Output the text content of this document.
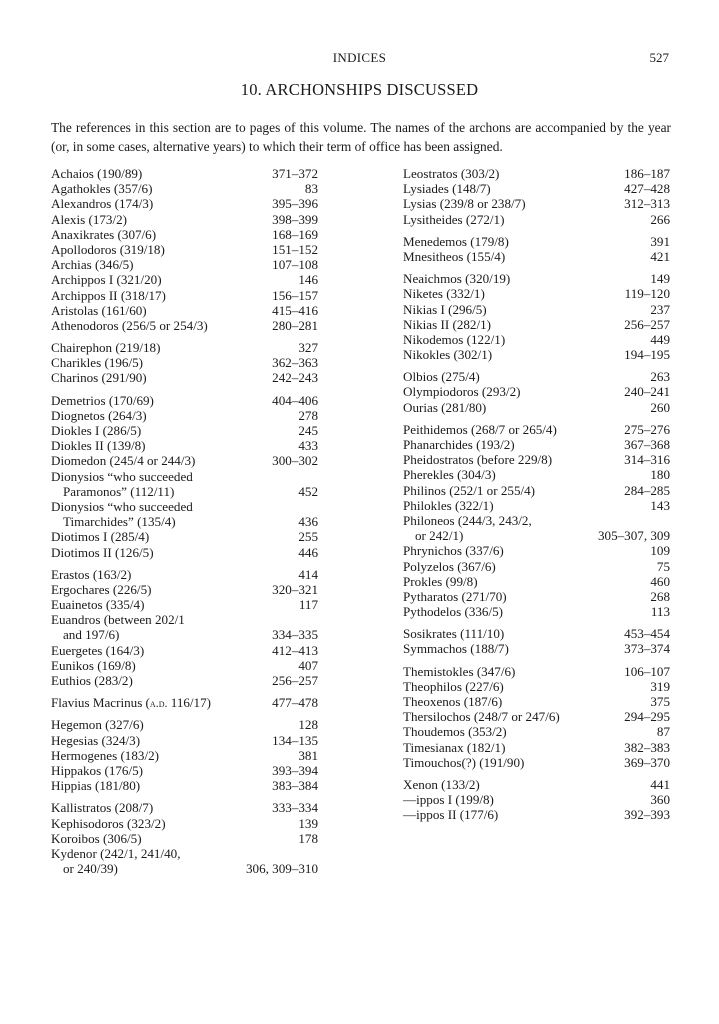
INDICES	527
10. ARCHONSHIPS DISCUSSED

The references in this section are to pages of this volume. The names of the archons are accompanied by the year (or, in some cases, alternative years) to which their term of office has been assigned.

Achaios (190/89)	371–372
Agathokles (357/6)	83
Alexandros (174/3)	395–396
Alexis (173/2)	398–399
Anaxikrates (307/6)	168–169
Apollodoros (319/18)	151–152
Archias (346/5)	107–108
Archippos I (321/20)	146
Archippos II (318/17)	156–157
Aristolas (161/60)	415–416
Athenodoros (256/5 or 254/3)	280–281
Chairephon (219/18)	327
Charikles (196/5)	362–363
Charinos (291/90)	242–243
Demetrios (170/69)	404–406
Diognetos (264/3)	278
Diokles I (286/5)	245
Diokles II (139/8)	433
Diomedon (245/4 or 244/3)	300–302
Dionysios “who succeeded
Paramonos” (112/11)	452
Dionysios “who succeeded
Timarchides” (135/4)	436
Diotimos I (285/4)	255
Diotimos II (126/5)	446
Erastos (163/2)	414
Ergochares (226/5)	320–321
Euainetos (335/4)	117
Euandros (between 202/1
and 197/6)	334–335
Euergetes (164/3)	412–413
Eunikos (169/8)	407
Euthios (283/2)	256–257
Flavius Macrinus (a.d. 116/17)	477–478
Hegemon (327/6)	128
Hegesias (324/3)	134–135
Hermogenes (183/2)	381
Hippakos (176/5)	393–394
Hippias (181/80)	383–384
Kallistratos (208/7)	333–334
Kephisodoros (323/2)	139
Koroibos (306/5)	178
Kydenor (242/1, 241/40,
or 240/39)	306, 309–310
Leostratos (303/2)	186–187
Lysiades (148/7)	427–428
Lysias (239/8 or 238/7)	312–313
Lysitheides (272/1)	266
Menedemos (179/8)	391
Mnesitheos (155/4)	421
Neaichmos (320/19)	149
Niketes (332/1)	119–120
Nikias I (296/5)	237
Nikias II (282/1)	256–257
Nikodemos (122/1)	449
Nikokles (302/1)	194–195
Olbios (275/4)	263
Olympiodoros (293/2)	240–241
Ourias (281/80)	260
Peithidemos (268/7 or 265/4)	275–276
Phanarchides (193/2)	367–368
Pheidostratos (before 229/8)	314–316
Pherekles (304/3)	180
Philinos (252/1 or 255/4)	284–285
Philokles (322/1)	143
Philoneos (244/3, 243/2,
or 242/1)	305–307, 309
Phrynichos (337/6)	109
Polyzelos (367/6)	75
Prokles (99/8)	460
Pytharatos (271/70)	268
Pythodelos (336/5)	113
Sosikrates (111/10)	453–454
Symmachos (188/7)	373–374
Themistokles (347/6)	106–107
Theophilos (227/6)	319
Theoxenos (187/6)	375
Thersilochos (248/7 or 247/6)	294–295
Thoudemos (353/2)	87
Timesianax (182/1)	382–383
Timouchos(?) (191/90)	369–370
Xenon (133/2)	441
—ippos I (199/8)	360
—ippos II (177/6)	392–393
